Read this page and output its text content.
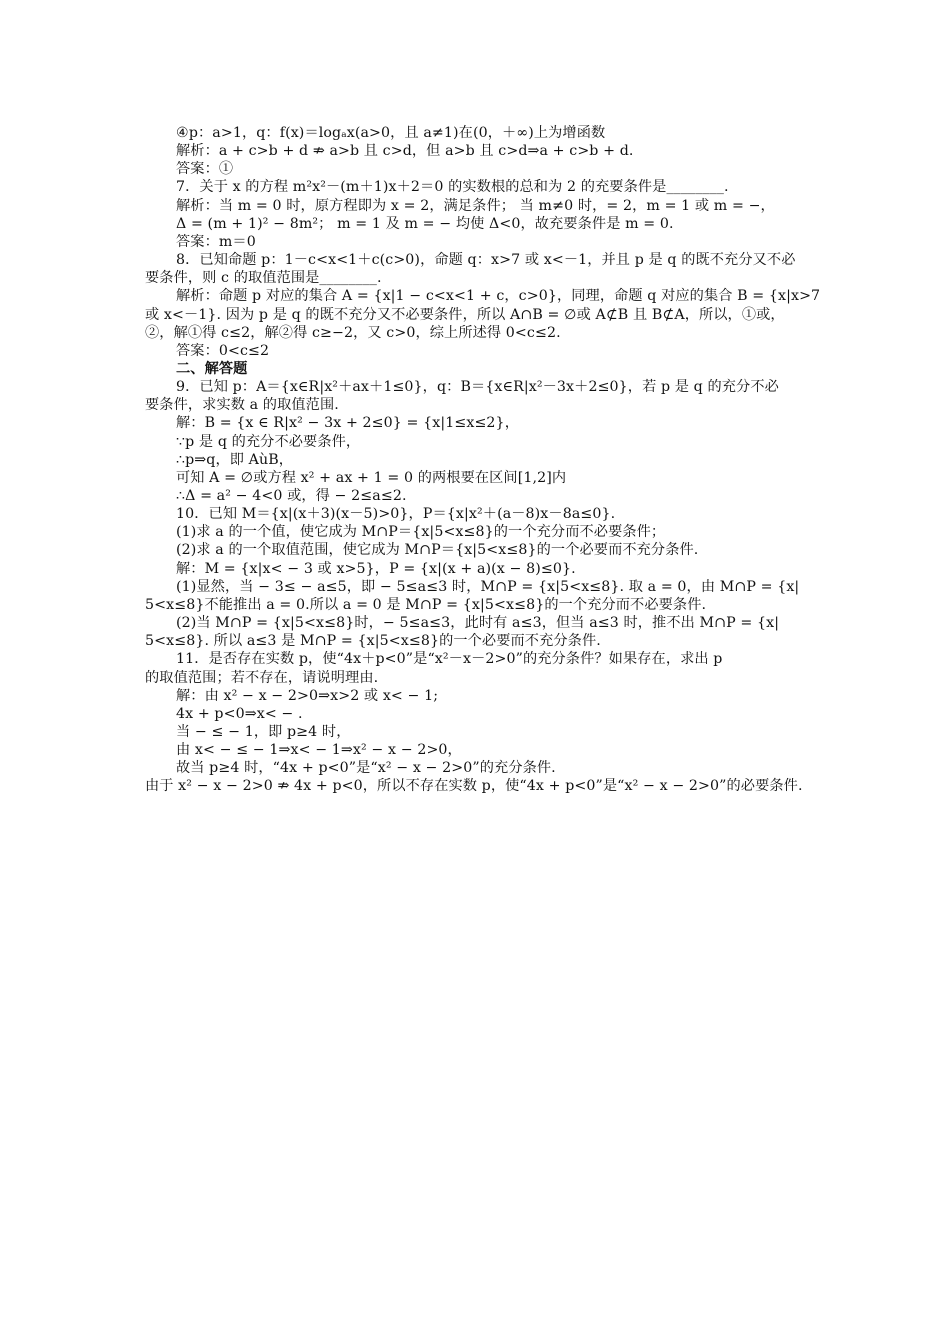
④p：a>1，q：f(x)＝logₐx(a>0，且 a≠1)在(0，＋∞)上为增函数
解析：a + c>b + d ⇏ a>b 且 c>d，但 a>b 且 c>d⇒a + c>b + d.
答案：①
7．关于 x 的方程 m²x²－(m＋1)x＋2＝0 的实数根的总和为 2 的充要条件是________.
解析：当 m = 0 时，原方程即为 x = 2，满足条件； 当 m≠0 时，= 2，m = 1 或 m = −，
Δ = (m + 1)² − 8m²； m = 1 及 m = − 均使 Δ<0，故充要条件是 m = 0.
答案：m＝0
8．已知命题 p：1－c<x<1＋c(c>0)，命题 q：x>7 或 x<－1，并且 p 是 q 的既不充分又不必
要条件，则 c 的取值范围是________.
解析：命题 p 对应的集合 A = {x|1 − c<x<1 + c，c>0}，同理，命题 q 对应的集合 B = {x|x>7
或 x<－1}. 因为 p 是 q 的既不充分又不必要条件，所以 A∩B = ∅或 A⊄B 且 B⊄A，所以，①或，
②，解①得 c≤2，解②得 c≥−2，又 c>0，综上所述得 0<c≤2.
答案：0<c≤2
二、解答题
9．已知 p：A＝{x∈R|x²＋ax＋1≤0}，q：B＝{x∈R|x²－3x＋2≤0}，若 p 是 q 的充分不必
要条件，求实数 a 的取值范围.
解：B = {x ∈ R|x² − 3x + 2≤0} = {x|1≤x≤2}，
∵p 是 q 的充分不必要条件，
∴p⇒q，即 AùB，
可知 A = ∅或方程 x² + ax + 1 = 0 的两根要在区间[1,2]内
∴Δ = a² − 4<0 或，得 − 2≤a≤2.
10．已知 M＝{x|(x＋3)(x－5)>0}，P＝{x|x²＋(a－8)x－8a≤0}.
(1)求 a 的一个值，使它成为 M∩P＝{x|5<x≤8}的一个充分而不必要条件；
(2)求 a 的一个取值范围，使它成为 M∩P＝{x|5<x≤8}的一个必要而不充分条件.
解：M = {x|x< − 3 或 x>5}，P = {x|(x + a)(x − 8)≤0}.
(1)显然，当 − 3≤ − a≤5，即 − 5≤a≤3 时，M∩P = {x|5<x≤8}. 取 a = 0，由 M∩P = {x|
5<x≤8}不能推出 a = 0.所以 a = 0 是 M∩P = {x|5<x≤8}的一个充分而不必要条件.
(2)当 M∩P = {x|5<x≤8}时，− 5≤a≤3，此时有 a≤3，但当 a≤3 时，推不出 M∩P = {x|
5<x≤8}. 所以 a≤3 是 M∩P = {x|5<x≤8}的一个必要而不充分条件.
11．是否存在实数 p，使“4x＋p<0”是“x²－x－2>0”的充分条件？如果存在，求出 p
的取值范围；若不存在，请说明理由.
解：由 x² − x − 2>0⇒x>2 或 x< − 1;
4x + p<0⇒x< − .
当 − ≤ − 1，即 p≥4 时，
由 x< − ≤ − 1⇒x< − 1⇒x² − x − 2>0，
故当 p≥4 时，“4x + p<0”是“x² − x − 2>0”的充分条件.
由于 x² − x − 2>0 ⇏ 4x + p<0，所以不存在实数 p，使“4x + p<0”是“x² − x − 2>0”的必要条件.
